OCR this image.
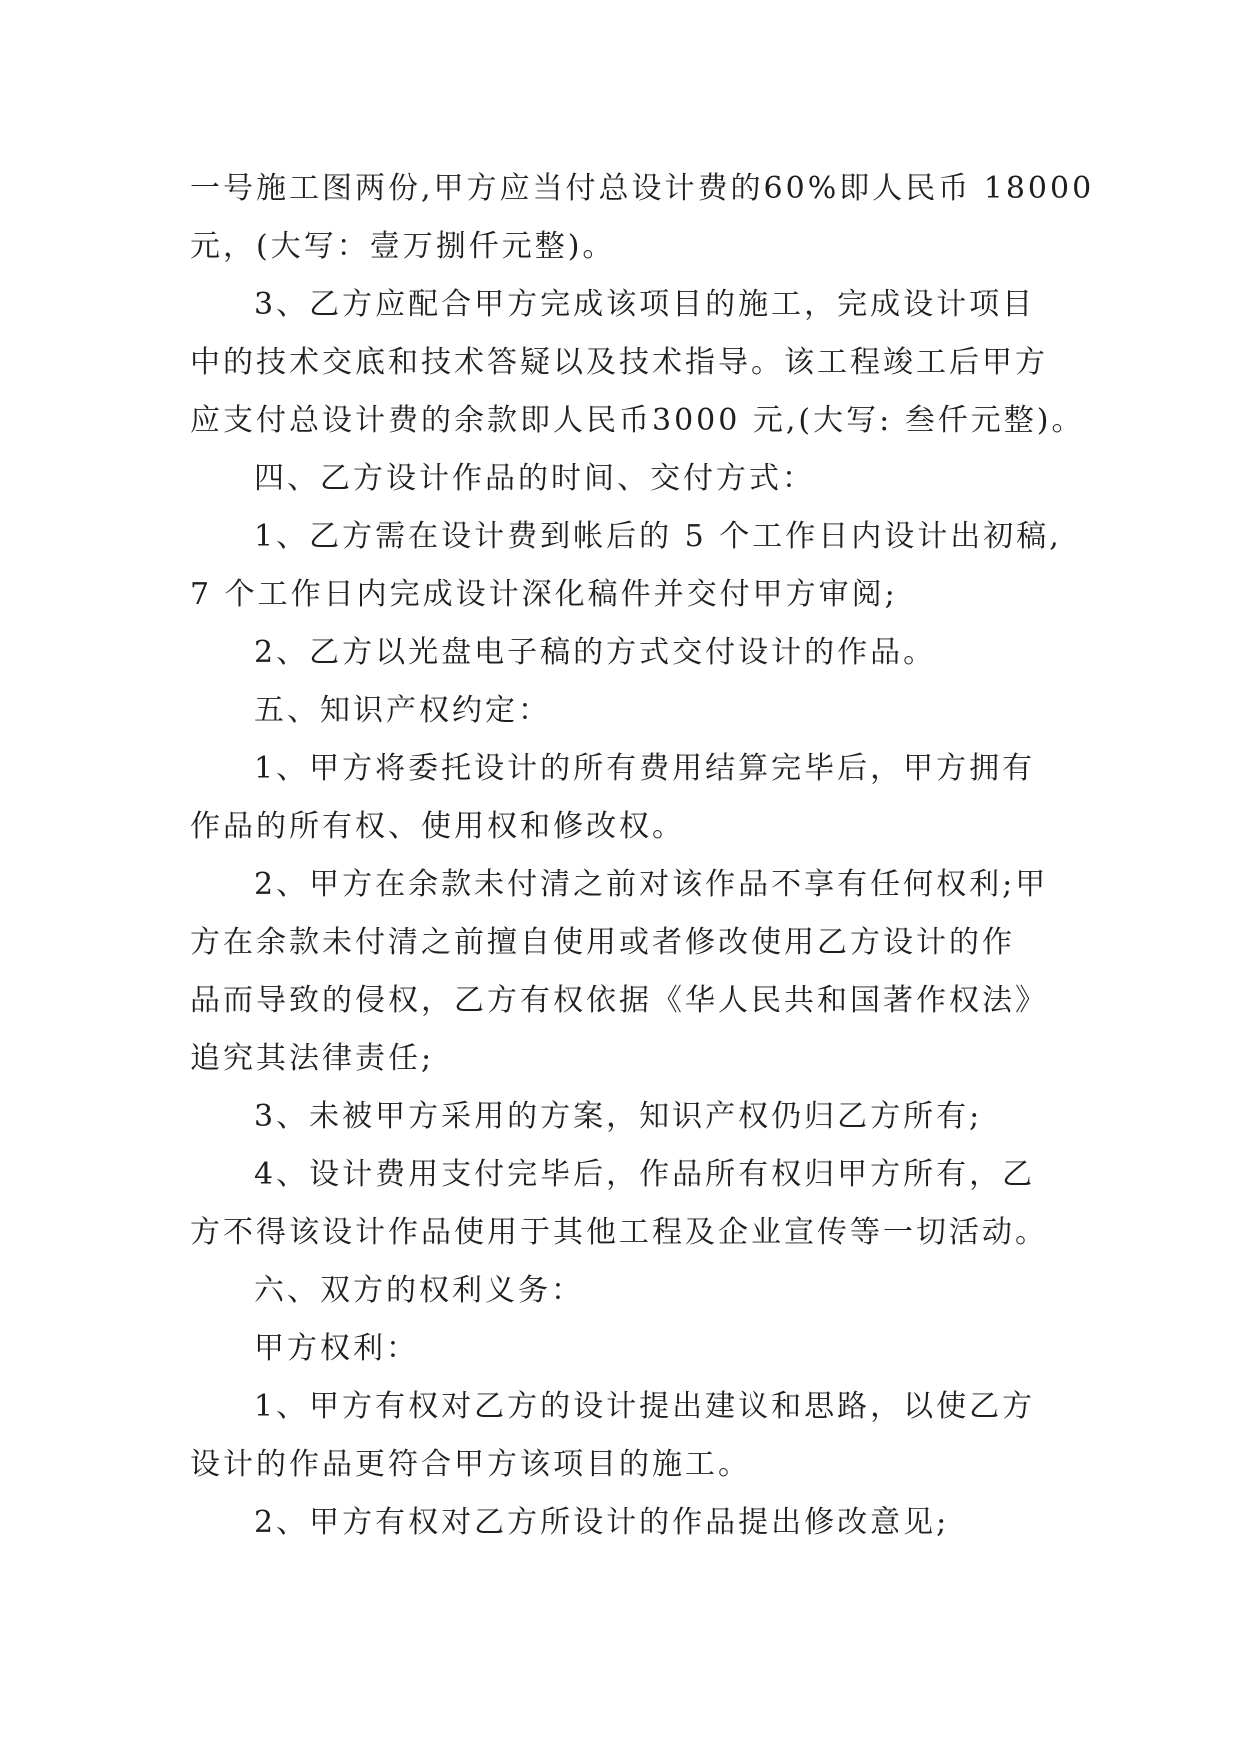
一号施工图两份,甲方应当付总设计费的60%即人民币 18000
元，(大写：壹万捌仟元整)。
3、乙方应配合甲方完成该项目的施工，完成设计项目
中的技术交底和技术答疑以及技术指导。该工程竣工后甲方
应支付总设计费的余款即人民币3000 元,(大写: 叁仟元整)。
四、乙方设计作品的时间、交付方式：
1、乙方需在设计费到帐后的 5 个工作日内设计出初稿,
7 个工作日内完成设计深化稿件并交付甲方审阅;
2、乙方以光盘电子稿的方式交付设计的作品。
五、知识产权约定：
1、甲方将委托设计的所有费用结算完毕后，甲方拥有
作品的所有权、使用权和修改权。
2、甲方在余款未付清之前对该作品不享有任何权利;甲
方在余款未付清之前擅自使用或者修改使用乙方设计的作
品而导致的侵权，乙方有权依据《华人民共和国著作权法》
追究其法律责任;
3、未被甲方采用的方案，知识产权仍归乙方所有;
4、设计费用支付完毕后，作品所有权归甲方所有，乙
方不得该设计作品使用于其他工程及企业宣传等一切活动。
六、双方的权利义务：
甲方权利：
1、甲方有权对乙方的设计提出建议和思路，以使乙方
设计的作品更符合甲方该项目的施工。
2、甲方有权对乙方所设计的作品提出修改意见;
